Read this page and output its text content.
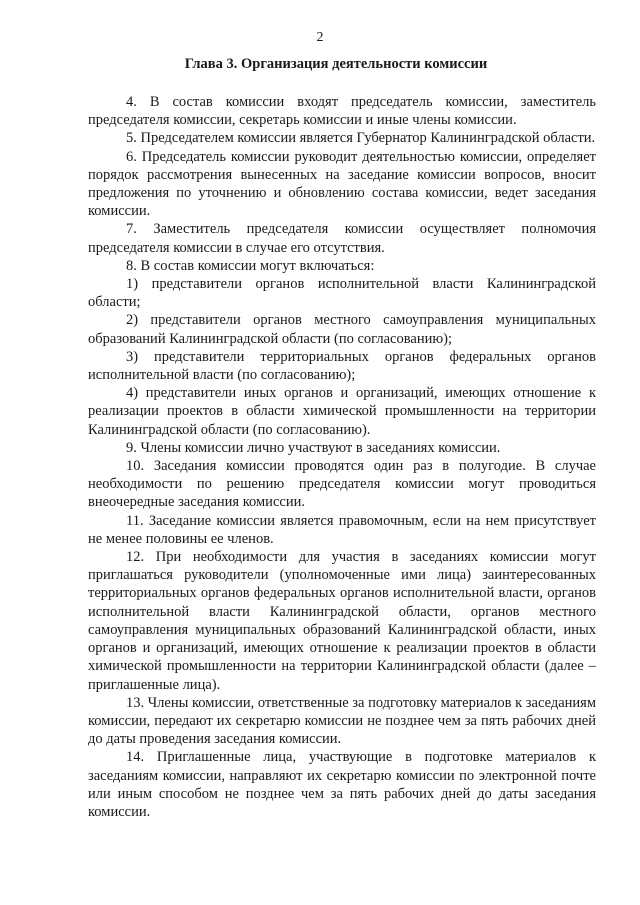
2
Глава 3. Организация деятельности комиссии

4. В состав комиссии входят председатель комиссии, заместитель председателя комиссии, секретарь комиссии и иные члены комиссии.

5. Председателем комиссии является Губернатор Калининградской области.

6. Председатель комиссии руководит деятельностью комиссии, определяет порядок рассмотрения вынесенных на заседание комиссии вопросов, вносит предложения по уточнению и обновлению состава комиссии, ведет заседания комиссии.

7. Заместитель председателя комиссии осуществляет полномочия председателя комиссии в случае его отсутствия.

8. В состав комиссии могут включаться:

1) представители органов исполнительной власти Калининградской области;

2) представители органов местного самоуправления муниципальных образований Калининградской области (по согласованию);

3) представители территориальных органов федеральных органов исполнительной власти (по согласованию);

4) представители иных органов и организаций, имеющих отношение к реализации проектов в области химической промышленности на территории Калининградской области (по согласованию).

9. Члены комиссии лично участвуют в заседаниях комиссии.

10. Заседания комиссии проводятся один раз в полугодие. В случае необходимости по решению председателя комиссии могут проводиться внеочередные заседания комиссии.

11. Заседание комиссии является правомочным, если на нем присутствует не менее половины ее членов.

12. При необходимости для участия в заседаниях комиссии могут приглашаться руководители (уполномоченные ими лица) заинтересованных территориальных органов федеральных органов исполнительной власти, органов исполнительной власти Калининградской области, органов местного самоуправления муниципальных образований Калининградской области, иных органов и организаций, имеющих отношение к реализации проектов в области химической промышленности на территории Калининградской области (далее – приглашенные лица).

13. Члены комиссии, ответственные за подготовку материалов к заседаниям комиссии, передают их секретарю комиссии не позднее чем за пять рабочих дней до даты проведения заседания комиссии.

14. Приглашенные лица, участвующие в подготовке материалов к заседаниям комиссии, направляют их секретарю комиссии по электронной почте или иным способом не позднее чем за пять рабочих дней до даты заседания комиссии.
